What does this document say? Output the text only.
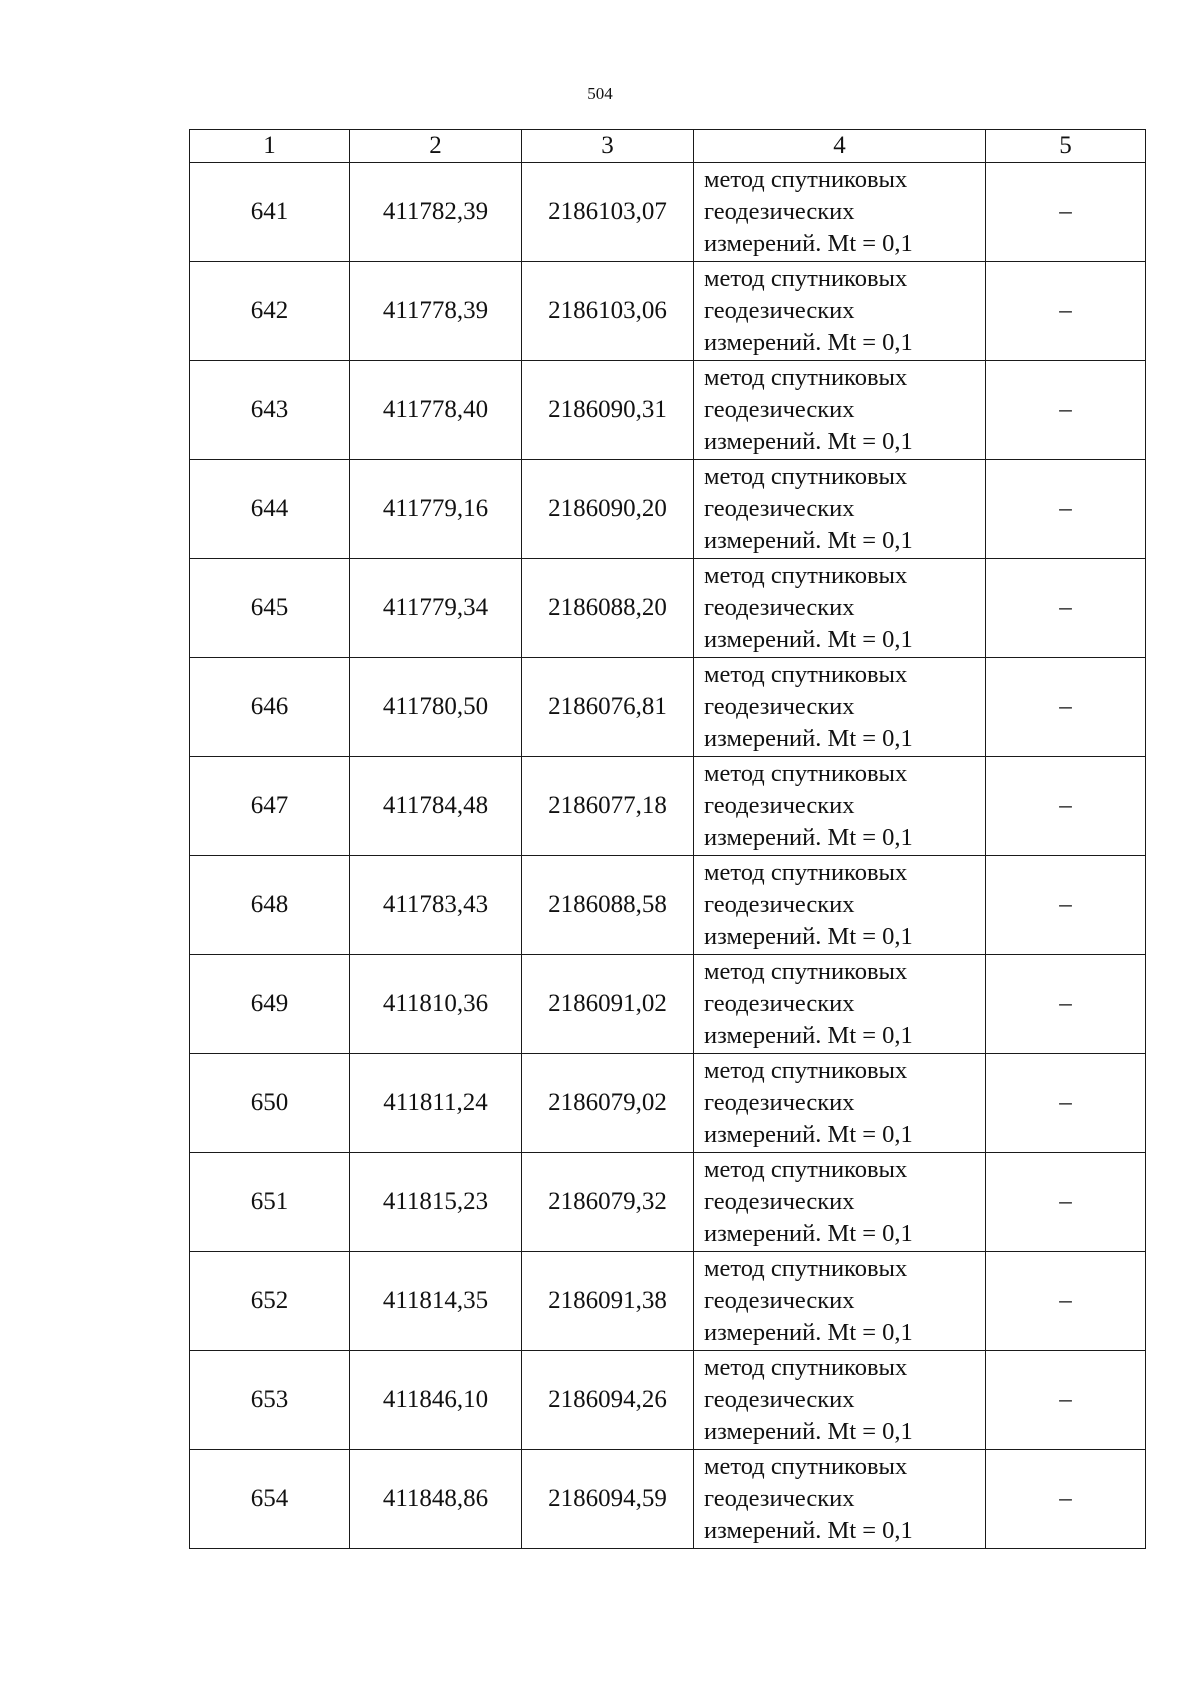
504
1	2	3	4	5
641	411782,39	2186103,07	метод спутниковых
геодезических
измерений. Mt = 0,1	–
642	411778,39	2186103,06	метод спутниковых
геодезических
измерений. Mt = 0,1	–
643	411778,40	2186090,31	метод спутниковых
геодезических
измерений. Mt = 0,1	–
644	411779,16	2186090,20	метод спутниковых
геодезических
измерений. Mt = 0,1	–
645	411779,34	2186088,20	метод спутниковых
геодезических
измерений. Mt = 0,1	–
646	411780,50	2186076,81	метод спутниковых
геодезических
измерений. Mt = 0,1	–
647	411784,48	2186077,18	метод спутниковых
геодезических
измерений. Mt = 0,1	–
648	411783,43	2186088,58	метод спутниковых
геодезических
измерений. Mt = 0,1	–
649	411810,36	2186091,02	метод спутниковых
геодезических
измерений. Mt = 0,1	–
650	411811,24	2186079,02	метод спутниковых
геодезических
измерений. Mt = 0,1	–
651	411815,23	2186079,32	метод спутниковых
геодезических
измерений. Mt = 0,1	–
652	411814,35	2186091,38	метод спутниковых
геодезических
измерений. Mt = 0,1	–
653	411846,10	2186094,26	метод спутниковых
геодезических
измерений. Mt = 0,1	–
654	411848,86	2186094,59	метод спутниковых
геодезических
измерений. Mt = 0,1	–
